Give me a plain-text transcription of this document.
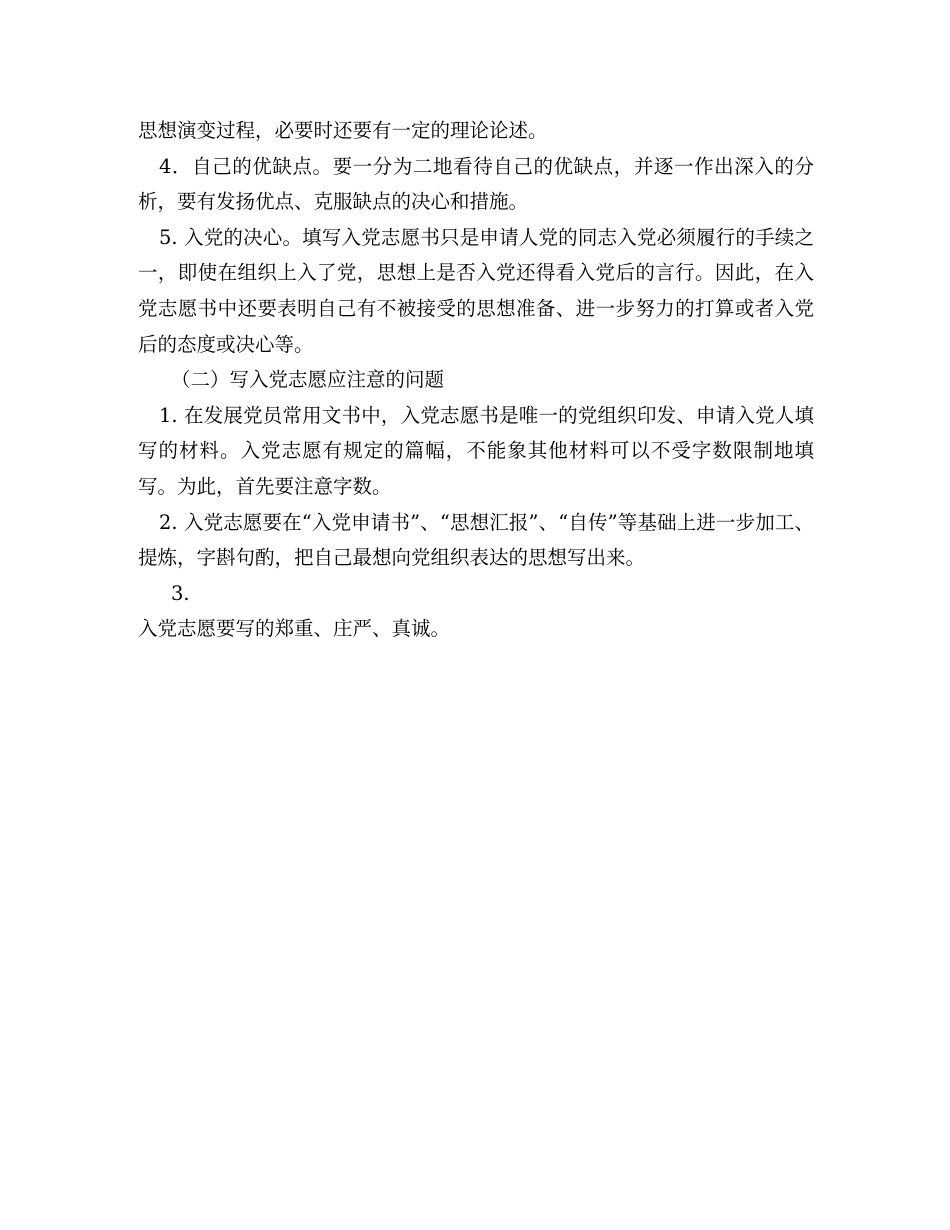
思想演变过程，必要时还要有一定的理论论述。

4．自己的优缺点。要一分为二地看待自己的优缺点，并逐一作出深入的分析，要有发扬优点、克服缺点的决心和措施。

5. 入党的决心。填写入党志愿书只是申请人党的同志入党必须履行的手续之一，即使在组织上入了党，思想上是否入党还得看入党后的言行。因此，在入党志愿书中还要表明自己有不被接受的思想准备、进一步努力的打算或者入党后的态度或决心等。

（二）写入党志愿应注意的问题

1. 在发展党员常用文书中，入党志愿书是唯一的党组织印发、申请入党人填写的材料。入党志愿有规定的篇幅，不能象其他材料可以不受字数限制地填写。为此，首先要注意字数。

2. 入党志愿要在“入党申请书”、“思想汇报”、“自传”等基础上进一步加工、提炼，字斟句酌，把自己最想向党组织表达的思想写出来。

3.

入党志愿要写的郑重、庄严、真诚。
